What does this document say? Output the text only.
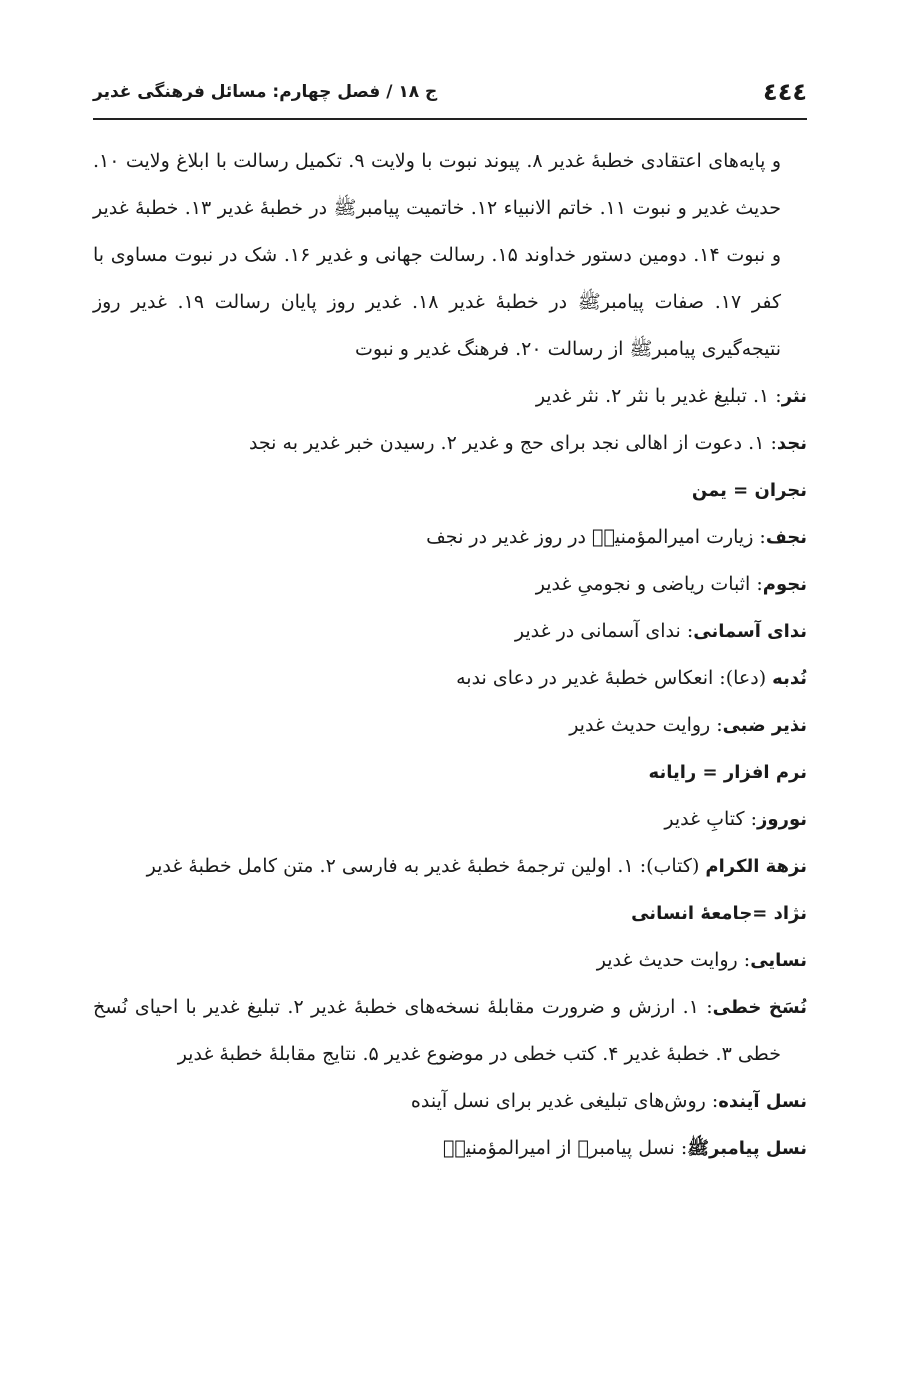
٤٤٤
ج ۱۸ / فصل چهارم: مسائل فرهنگی غدیر
و پایه‌های اعتقادی خطبهٔ غدیر ۸. پیوند نبوت با ولایت ۹. تکمیل رسالت با ابلاغ ولایت ۱۰. حدیث غدیر و نبوت ۱۱. خاتم الانبیاء ۱۲. خاتمیت پیامبرﷺ در خطبهٔ غدیر ۱۳. خطبهٔ غدیر و نبوت ۱۴. دومین دستور خداوند ۱۵. رسالت جهانی و غدیر ۱۶. شک در نبوت مساوی با کفر ۱۷. صفات پیامبرﷺ در خطبهٔ غدیر ۱۸. غدیر روز پایان رسالت ۱۹. غدیر روز نتیجه‌گیری پیامبرﷺ از رسالت ۲۰. فرهنگ غدیر و نبوت
نثر: ۱. تبلیغ غدیر با نثر ۲. نثر غدیر
نجد: ۱. دعوت از اهالی نجد برای حج و غدیر ۲. رسیدن خبر غدیر به نجد
نجران = یمن
نجف: زیارت امیرالمؤمنینؑ در روز غدیر در نجف
نجوم: اثبات ریاضی و نجومیِ غدیر
ندای آسمانی: ندای آسمانی در غدیر
نُدبه (دعا): انعکاس خطبهٔ غدیر در دعای ندبه
نذیر ضبی: روایت حدیث غدیر
نرم افزار = رایانه
نوروز: کتابِ غدیر
نزهة الکرام (کتاب): ۱. اولین ترجمهٔ خطبهٔ غدیر به فارسی ۲. متن کامل خطبهٔ غدیر
نژاد =جامعهٔ انسانی
نسایی: روایت حدیث غدیر
نُسَخ خطی: ۱. ارزش و ضرورت مقابلهٔ نسخه‌های خطبهٔ غدیر ۲. تبلیغ غدیر با احیای نُسخ خطی ۳. خطبهٔ غدیر ۴. کتب خطی در موضوع غدیر ۵. نتایج مقابلهٔ خطبهٔ غدیر
نسل آینده: روش‌های تبلیغی غدیر برای نسل آینده
نسل پیامبرﷺ: نسل پیامبرﷺ از امیرالمؤمنینؑ
